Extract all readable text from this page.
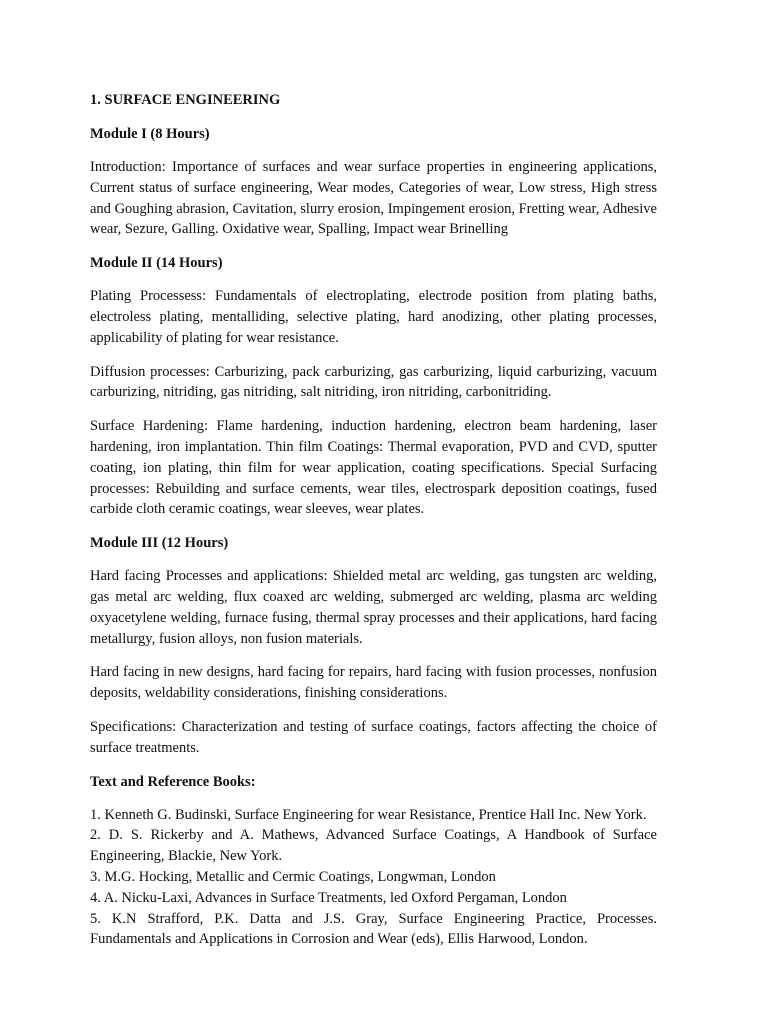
1. SURFACE ENGINEERING
Module I (8 Hours)

Introduction: Importance of surfaces and wear surface properties in engineering applications, Current status of surface engineering, Wear modes, Categories of wear, Low stress, High stress and Goughing abrasion, Cavitation, slurry erosion, Impingement erosion, Fretting wear, Adhesive wear, Sezure, Galling. Oxidative wear, Spalling, Impact wear Brinelling

Module II (14 Hours)

Plating Processess: Fundamentals of electroplating, electrode position from plating baths, electroless plating, mentalliding, selective plating, hard anodizing, other plating processes, applicability of plating for wear resistance.

Diffusion processes: Carburizing, pack carburizing, gas carburizing, liquid carburizing, vacuum carburizing, nitriding, gas nitriding, salt nitriding, iron nitriding, carbonitriding.

Surface Hardening: Flame hardening, induction hardening, electron beam hardening, laser hardening, iron implantation. Thin film Coatings: Thermal evaporation, PVD and CVD, sputter coating, ion plating, thin film for wear application, coating specifications. Special Surfacing processes: Rebuilding and surface cements, wear tiles, electrospark deposition coatings, fused carbide cloth ceramic coatings, wear sleeves, wear plates.

Module III (12 Hours)

Hard facing Processes and applications: Shielded metal arc welding, gas tungsten arc welding, gas metal arc welding, flux coaxed arc welding, submerged arc welding, plasma arc welding oxyacetylene welding, furnace fusing, thermal spray processes and their applications, hard facing metallurgy, fusion alloys, non fusion materials.

Hard facing in new designs, hard facing for repairs, hard facing with fusion processes, nonfusion deposits, weldability considerations, finishing considerations.

Specifications: Characterization and testing of surface coatings, factors affecting the choice of surface treatments.

Text and Reference Books:
1. Kenneth G. Budinski, Surface Engineering for wear Resistance, Prentice Hall Inc. New York.
2. D. S. Rickerby and A. Mathews, Advanced Surface Coatings, A Handbook of Surface Engineering, Blackie, New York.
3. M.G. Hocking, Metallic and Cermic Coatings, Longwman, London
4. A. Nicku-Laxi, Advances in Surface Treatments, led Oxford Pergaman, London
5. K.N Strafford, P.K. Datta and J.S. Gray, Surface Engineering Practice, Processes. Fundamentals and Applications in Corrosion and Wear (eds), Ellis Harwood, London.
